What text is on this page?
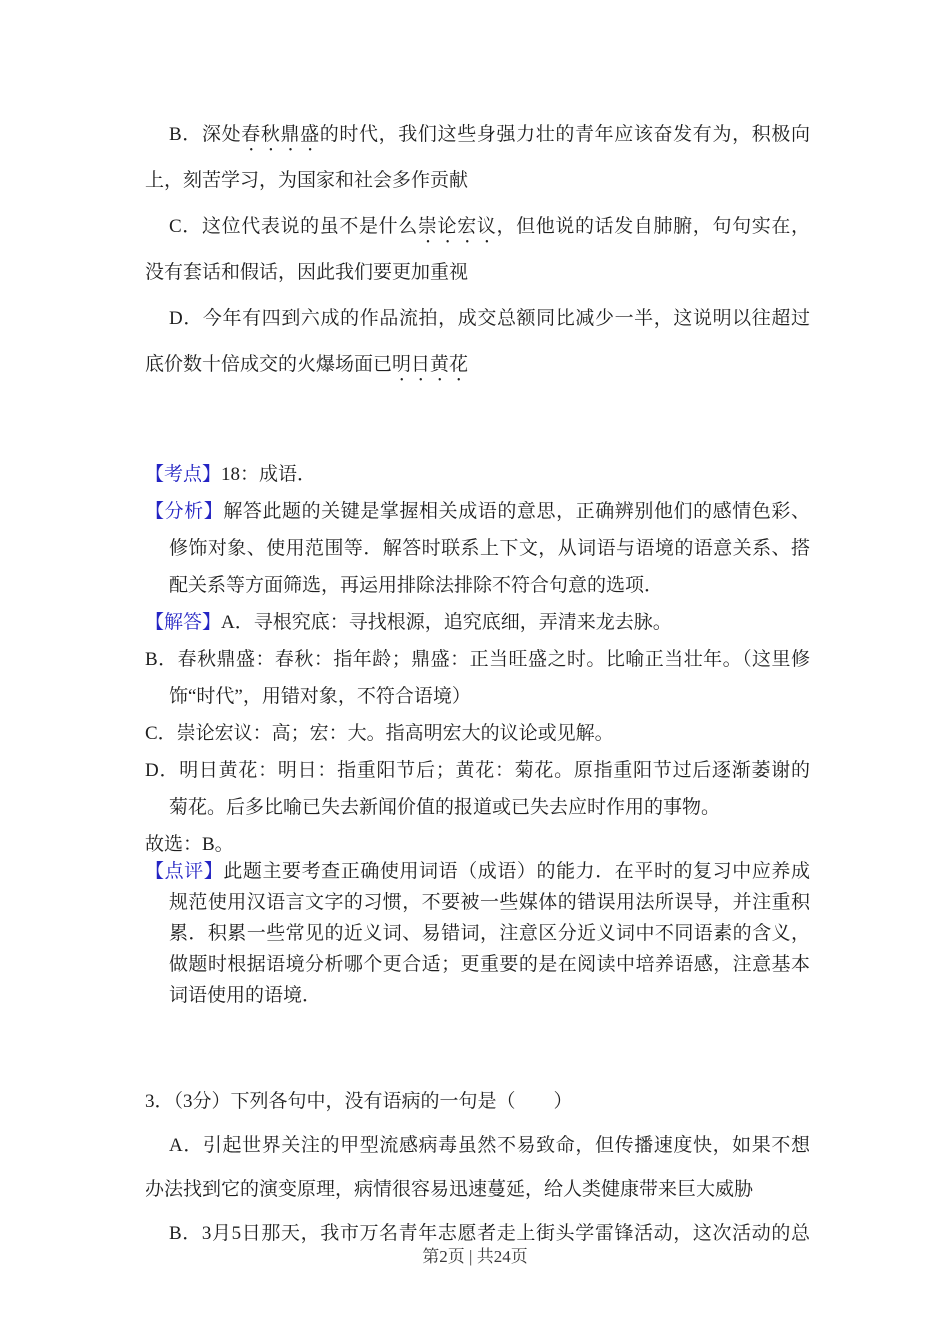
B．深处春秋鼎盛的时代，我们这些身强力壮的青年应该奋发有为，积极向
上，刻苦学习，为国家和社会多作贡献
C．这位代表说的虽不是什么崇论宏议，但他说的话发自肺腑，句句实在，
没有套话和假话，因此我们要更加重视
D．今年有四到六成的作品流拍，成交总额同比减少一半，这说明以往超过
底价数十倍成交的火爆场面已明日黄花
【考点】18：成语．
【分析】解答此题的关键是掌握相关成语的意思，正确辨别他们的感情色彩、
修饰对象、使用范围等．解答时联系上下文，从词语与语境的语意关系、搭
配关系等方面筛选，再运用排除法排除不符合句意的选项．
【解答】A．寻根究底：寻找根源，追究底细，弄清来龙去脉。
B．春秋鼎盛：春秋：指年龄；鼎盛：正当旺盛之时。比喻正当壮年。（这里修
饰“时代”，用错对象，不符合语境）
C．崇论宏议：高；宏：大。指高明宏大的议论或见解。
D．明日黄花：明日：指重阳节后；黄花：菊花。原指重阳节过后逐渐萎谢的
菊花。后多比喻已失去新闻价值的报道或已失去应时作用的事物。
故选：B。
【点评】此题主要考查正确使用词语（成语）的能力．在平时的复习中应养成
规范使用汉语言文字的习惯，不要被一些媒体的错误用法所误导，并注重积
累．积累一些常见的近义词、易错词，注意区分近义词中不同语素的含义，
做题时根据语境分析哪个更合适；更重要的是在阅读中培养语感，注意基本
词语使用的语境．
3．（3分）下列各句中，没有语病的一句是（　　）
A．引起世界关注的甲型流感病毒虽然不易致命，但传播速度快，如果不想
办法找到它的演变原理，病情很容易迅速蔓延，给人类健康带来巨大威胁
B．3月5日那天，我市万名青年志愿者走上街头学雷锋活动，这次活动的总
第2页 | 共24页
